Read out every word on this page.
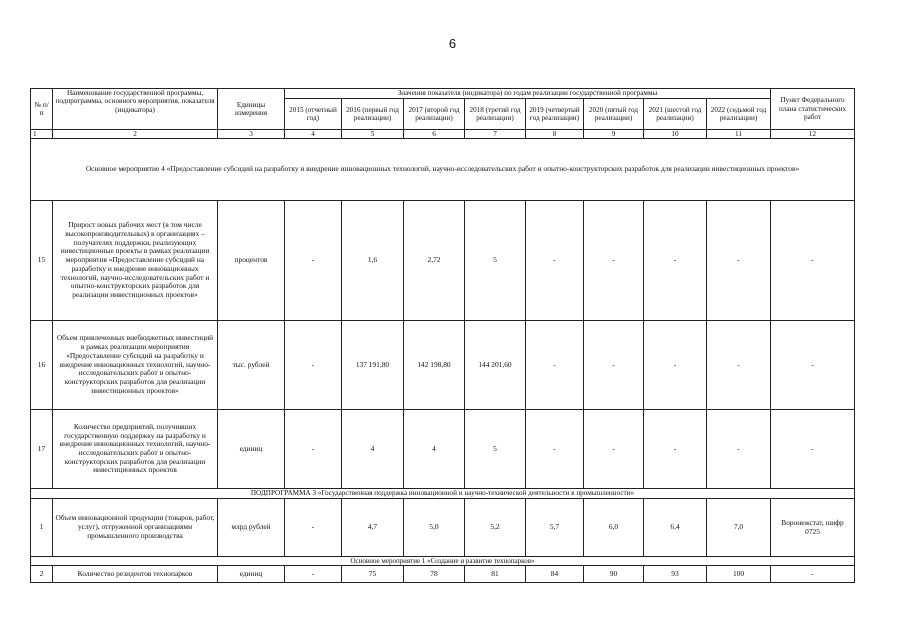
6
№ п/п	Наименование государственной программы, подпрограммы, основного мероприятия, показателя (индикатора)	Единицы измерения	Значения показателя (индикатора) по годам реализации государственной программы								Пункт Федерального плана статистических работ
			2015 (отчетный год)	2016 (первый год реализации)	2017 (второй год реализации)	2018 (третий год реализации)	2019 (четвертый год реализации)	2020 (пятый год реализации)	2021 (шестой год реализации)	2022 (седьмой год реализации)	
1	2	3	4	5	6	7	8	9	10	11	12
Основное мероприятие 4 «Предоставление субсидий на разработку и внедрение инновационных технологий, научно-исследовательских работ и опытно-конструкторских разработок для реализации инвестиционных проектов»											
15	Прирост новых рабочих мест (в том числе высокопроизводительных) в организациях – получателях поддержки, реализующих инвестиционные проекты в рамках реализации мероприятия «Предоставление субсидий на разработку и внедрение инновационных технологий, научно-исследовательских работ и опытно-конструкторских разработок для реализации инвестиционных проектов»	процентов	-	1,6	2,72	5	-	-	-	-	-
16	Объем привлеченных внебюджетных инвестиций в рамках реализации мероприятия «Предоставление субсидий на разработку и внедрение инновационных технологий, научно-исследовательских работ и опытно-конструкторских разработок для реализации инвестиционных проектов»	тыс. рублей	-	137 191,80	142 198,80	144 201,60	-	-	-	-	-
17	Количество предприятий, получивших государственную поддержку на разработку и внедрение инновационных технологий, научно-исследовательских работ и опытно-конструкторских разработок для реализации инвестиционных проектов	единиц	-	4	4	5	-	-	-	-	-
ПОДПРОГРАММА 3 «Государственная поддержка инновационной и научно-технической деятельности в промышленности»											
1	Объем инновационной продукции (товаров, работ, услуг), отгруженной организациями промышленного производства	млрд рублей	-	4,7	5,0	5,2	5,7	6,0	6,4	7,0	Воронежстат, шифр 0725
Основное мероприятие 1 «Создание и развитие технопарков»											
2	Количество резидентов технопарков	единиц	-	75	78	81	84	90	93	100	-
